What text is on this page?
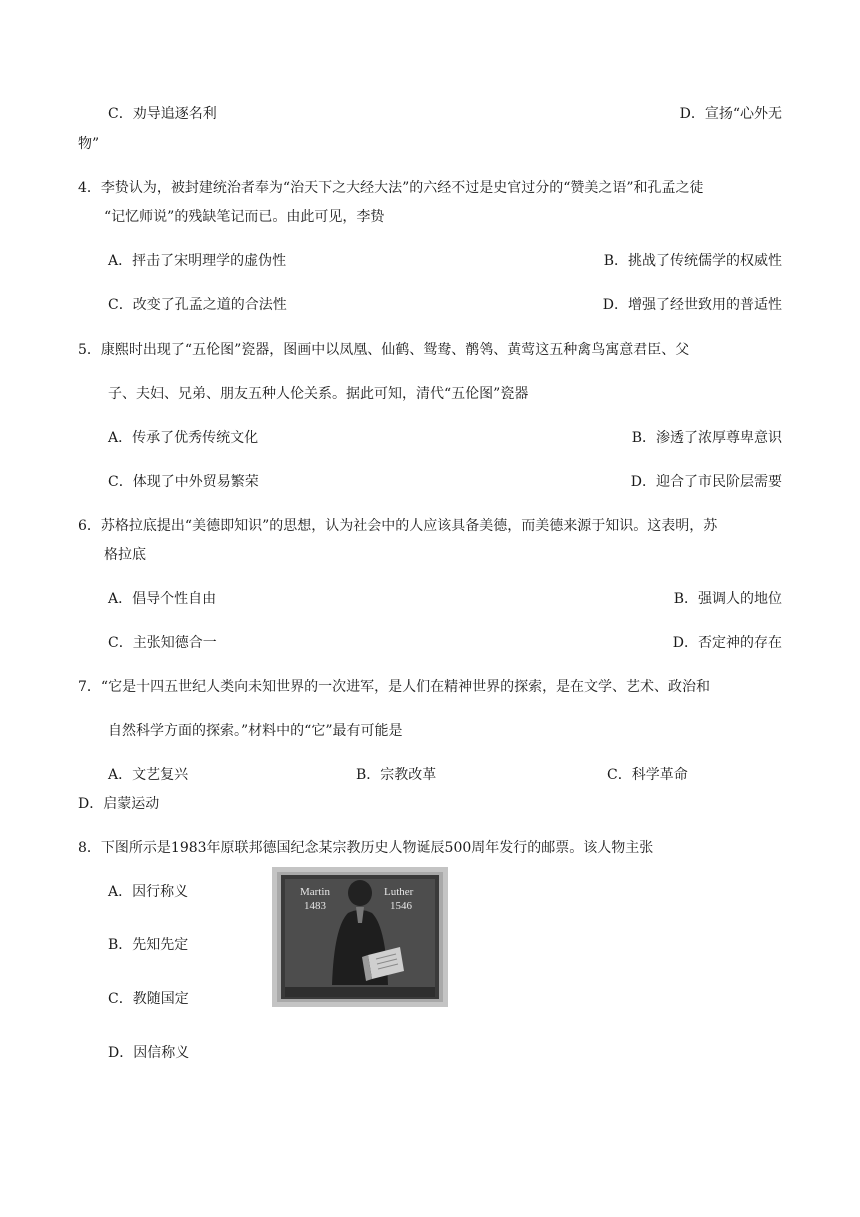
C．劝导追逐名利	D．宣扬“心外无
物”
4．李贽认为，被封建统治者奉为“治天下之大经大法”的六经不过是史官过分的“赞美之语”和孔孟之徒
“记忆师说”的残缺笔记而已。由此可见，李贽
A．抨击了宋明理学的虚伪性	B．挑战了传统儒学的权威性
C．改变了孔孟之道的合法性	D．增强了经世致用的普适性
5．康熙时出现了“五伦图”瓷器，图画中以凤凰、仙鹤、鸳鸯、鹡鸰、黄莺这五种禽鸟寓意君臣、父
子、夫妇、兄弟、朋友五种人伦关系。据此可知，清代“五伦图”瓷器
A．传承了优秀传统文化	B．渗透了浓厚尊卑意识
C．体现了中外贸易繁荣	D．迎合了市民阶层需要
6．苏格拉底提出“美德即知识”的思想，认为社会中的人应该具备美德，而美德来源于知识。这表明，苏
格拉底
A．倡导个性自由	B．强调人的地位
C．主张知德合一	D．否定神的存在
7．“它是十四五世纪人类向未知世界的一次进军，是人们在精神世界的探索，是在文学、艺术、政治和
自然科学方面的探索。”材料中的“它”最有可能是
A．文艺复兴	B．宗教改革	C．科学革命
D．启蒙运动
8．下图所示是1983年原联邦德国纪念某宗教历史人物诞辰500周年发行的邮票。该人物主张
A．因行称义
B．先知先定
C．教随国定
D．因信称义
Martin
1483
Luther
1546
